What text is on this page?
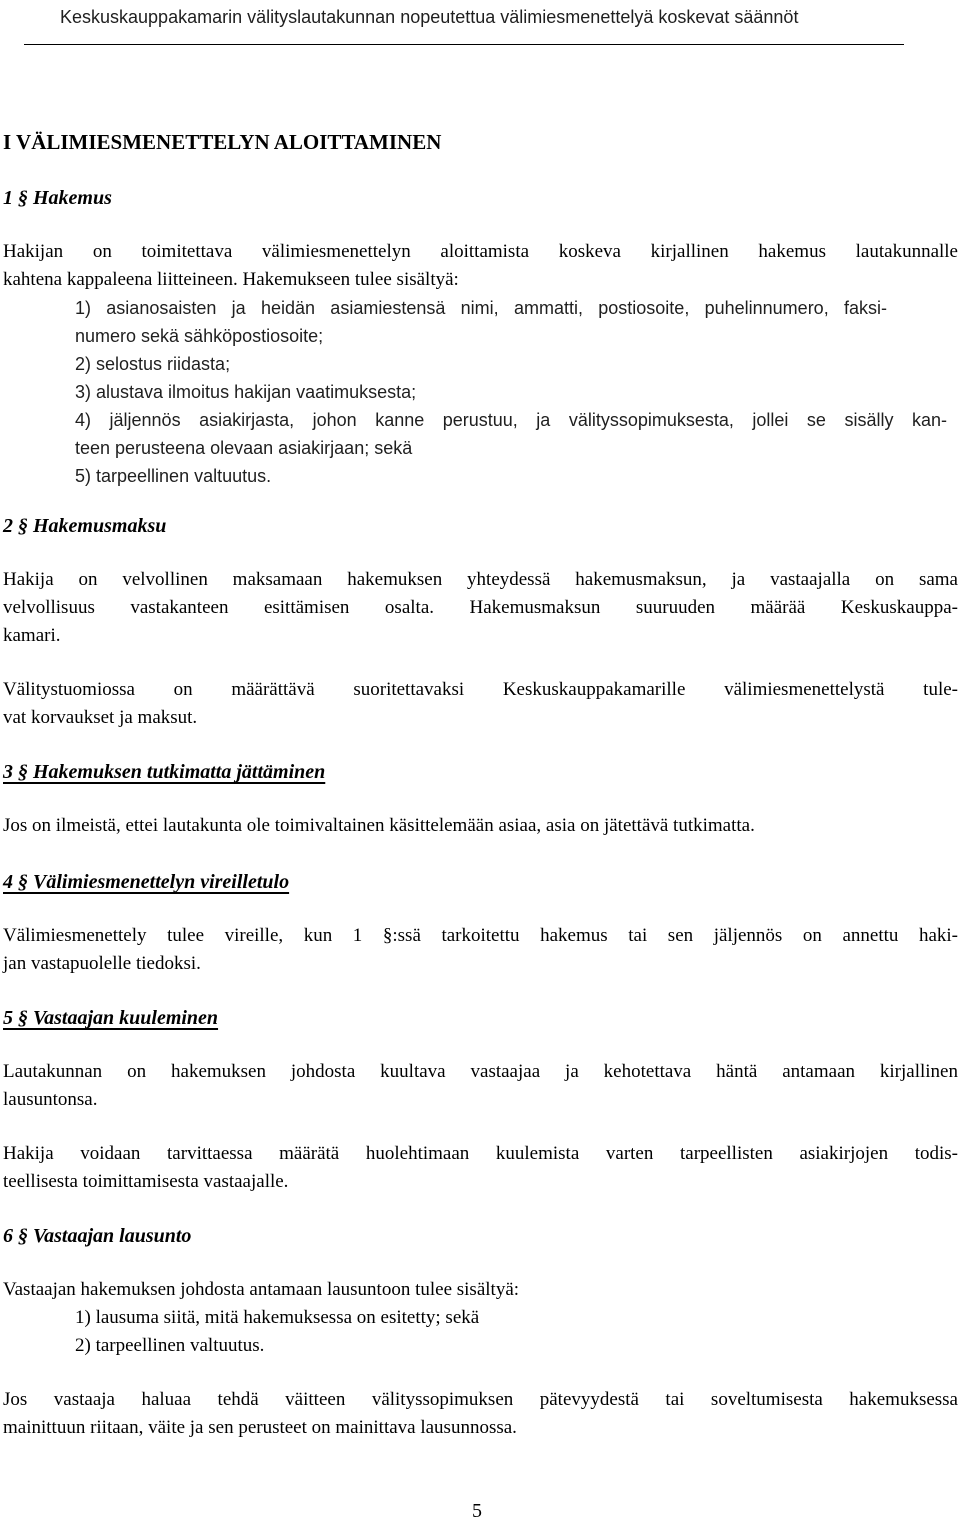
Keskuskauppakamarin välityslautakunnan nopeutettua välimiesmenettelyä koskevat säännöt
I VÄLIMIESMENETTELYN ALOITTAMINEN
1 § Hakemus
Hakijan on toimitettava välimiesmenettelyn aloittamista koskeva kirjallinen hakemus lautakunnalle
kahtena kappaleena liitteineen. Hakemukseen tulee sisältyä:
1) asianosaisten ja heidän asiamiestensä nimi, ammatti, postiosoite, puhelinnumero, faksi-
numero sekä sähköpostiosoite;
2) selostus riidasta;
3) alustava ilmoitus hakijan vaatimuksesta;
4) jäljennös asiakirjasta, johon kanne perustuu, ja välityssopimuksesta, jollei se sisälly kan-
teen perusteena olevaan asiakirjaan; sekä
5) tarpeellinen valtuutus.
2 § Hakemusmaksu
Hakija on velvollinen maksamaan hakemuksen yhteydessä hakemusmaksun, ja vastaajalla on sama
velvollisuus vastakanteen esittämisen osalta. Hakemusmaksun suuruuden määrää Keskuskauppa-
kamari.
Välitystuomiossa on määrättävä suoritettavaksi Keskuskauppakamarille välimiesmenettelystä tule-
vat korvaukset ja maksut.
3 § Hakemuksen tutkimatta jättäminen
Jos on ilmeistä, ettei lautakunta ole toimivaltainen käsittelemään asiaa, asia on jätettävä tutkimatta.
4 § Välimiesmenettelyn vireilletulo
Välimiesmenettely tulee vireille, kun 1 §:ssä tarkoitettu hakemus tai sen jäljennös on annettu haki-
jan vastapuolelle tiedoksi.
5 § Vastaajan kuuleminen
Lautakunnan on hakemuksen johdosta kuultava vastaajaa ja kehotettava häntä antamaan kirjallinen
lausuntonsa.
Hakija voidaan tarvittaessa määrätä huolehtimaan kuulemista varten tarpeellisten asiakirjojen todis-
teellisesta toimittamisesta vastaajalle.
6 § Vastaajan lausunto
Vastaajan hakemuksen johdosta antamaan lausuntoon tulee sisältyä:
1) lausuma siitä, mitä hakemuksessa on esitetty; sekä
2) tarpeellinen valtuutus.
Jos vastaaja haluaa tehdä väitteen välityssopimuksen pätevyydestä tai soveltumisesta hakemuksessa
mainittuun riitaan, väite ja sen perusteet on mainittava lausunnossa.
5
